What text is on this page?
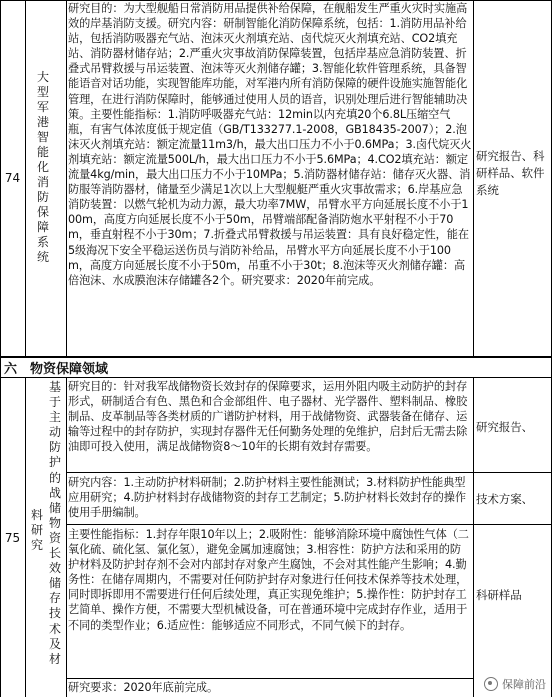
74
大型军港智能化消防保障系统
研究目的：为大型舰船日常消防用品提供补给保障，在舰船发生严重火灾时实施高效的岸基消防支援。研究内容：研制智能化消防保障系统，包括：1.消防用品补给站，包括消防吸器充气站、泡沫灭火剂填充站、卤代烷灭火剂填充站、CO2填充站、消防器材储存站；2.严重火灾事故消防保障装置，包括岸基应急消防装置、折叠式吊臂救援与吊运装置、泡沫等灭火剂储存罐；3.智能化软件管理系统，具备智能语音对话功能，实现智能库功能，对军港内所有消防保障的硬件设施实施智能化管理，在进行消防保障时，能够通过使用人员的语音，识别处理后进行智能辅助决策。主要性能指标：1.消防呼吸器充气站：12min以内充填20个6.8L压缩空气瓶，有害气体浓度低于规定值（GB/T133277.1-2008，GB18435-2007）；2.泡沫灭火剂填充站：额定流量11m3/h，最大出口压力不小于0.6MPa；3.卤代烷灭火剂填充站：额定流量500L/h，最大出口压力不小于5.6MPa；4.CO2填充站：额定流量4kg/min，最大出口压力不小于10MPa；5.消防器材储存站：储存灭火器、消防服等消防器材，储量至少满足1次以上大型舰艇严重火灾事故需求；6.岸基应急消防装置：以燃气轮机为动力源，最大功率7MW，吊臂水平方向延展长度不小于100m，高度方向延展长度不小于50m，吊臂端部配备消防炮水平射程不小于70m，垂直射程不小于30m；7.折叠式吊臂救援与吊运装置：具有良好稳定性，能在5级海况下安全平稳运送伤员与消防补给品，吊臂水平方向延展长度不小于100m，高度方向延展长度不小于50m，吊重不小于30t；8.泡沫等灭火剂储存罐：高倍泡沫、水成膜泡沫存储罐各2个。研究要求：2020年前完成。
研究报告、科研样品、软件系统
六 物资保障领域
75
料研究
基于主动防护的战储物资长效储存技术及材
研究目的：针对我军战储物资长效封存的保障要求，运用外阻内吸主动防护的封存形式，研制适合有色、黑色和合金部组件、电子器材、光学器件、塑料制品、橡胶制品、皮革制品等各类材质的广谱防护材料，用于战储物资、武器装备在储存、运输等过程中的封存防护，实现封存器件无任何勤务处理的免维护，启封后无需去除油即可投入使用，满足战储物资8～10年的长期有效封存需要。
研究内容：1.主动防护材料研制；2.防护材料主要性能测试；3.材料防护性能典型应用研究；4.防护材料封存战储物资的封存工艺制定；5.防护材料长效封存的操作使用手册编制。
主要性能指标：1.封存年限10年以上；2.吸附性：能够消除环境中腐蚀性气体（二氧化硫、硫化氢、氯化氢），避免金属加速腐蚀；3.相容性：防护方法和采用的防护材料及防护封存剂不会对内部封存对象产生腐蚀，不会对其性能产生影响；4.勤务性：在储存周期内，不需要对任何防护封存对象进行任何技术保养等技术处理，同时即拆即用不需要进行任何后续处理，真正实现免维护；5.操作性：防护封存工艺简单、操作方便，不需要大型机械设备，可在普通环境中完成封存作业，适用于不同的类型作业；6.适应性：能够适应不同形式，不同气候下的封存。
研究要求：2020年底前完成。
研究报告、
技术方案、
科研样品
保障前沿
